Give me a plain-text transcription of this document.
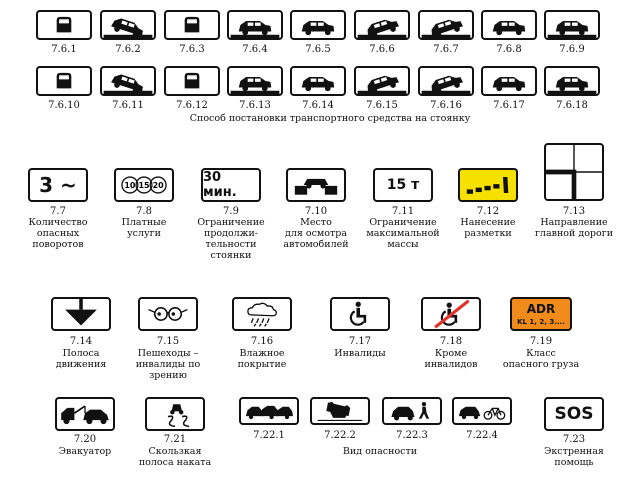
7.6.1	7.6.2	7.6.3	7.6.4	7.6.5	7.6.6	7.6.7	7.6.8	7.6.9
7.6.10	7.6.11	7.6.12	7.6.13	7.6.14	7.6.15	7.6.16	7.6.17	7.6.18
Способ постановки транспортного средства на стоянку
3 ~
7.7
Количество
опасных
поворотов
10 15 20
7.8
Платные
услуги
30 мин.
7.9
Ограничение
продолжи-
тельности
стоянки
7.10
Место
для осмотра
автомобилей
15 т
7.11
Ограничение
максимальной
массы
7.12
Нанесение
разметки
7.13
Направление
главной дороги
7.14
Полоса
движения
7.15
Пешеходы –
инвалиды по
зрению
7.16
Влажное
покрытие
7.17
Инвалиды
7.18
Кроме
инвалидов
ADR
KL 1, 2, 3....
7.19
Класс
опасного груза
7.20
Эвакуатор
7.21
Скользкая
полоса наката
7.22.1	7.22.2	7.22.3	7.22.4
Вид опасности
SOS
7.23
Экстренная
помощь
